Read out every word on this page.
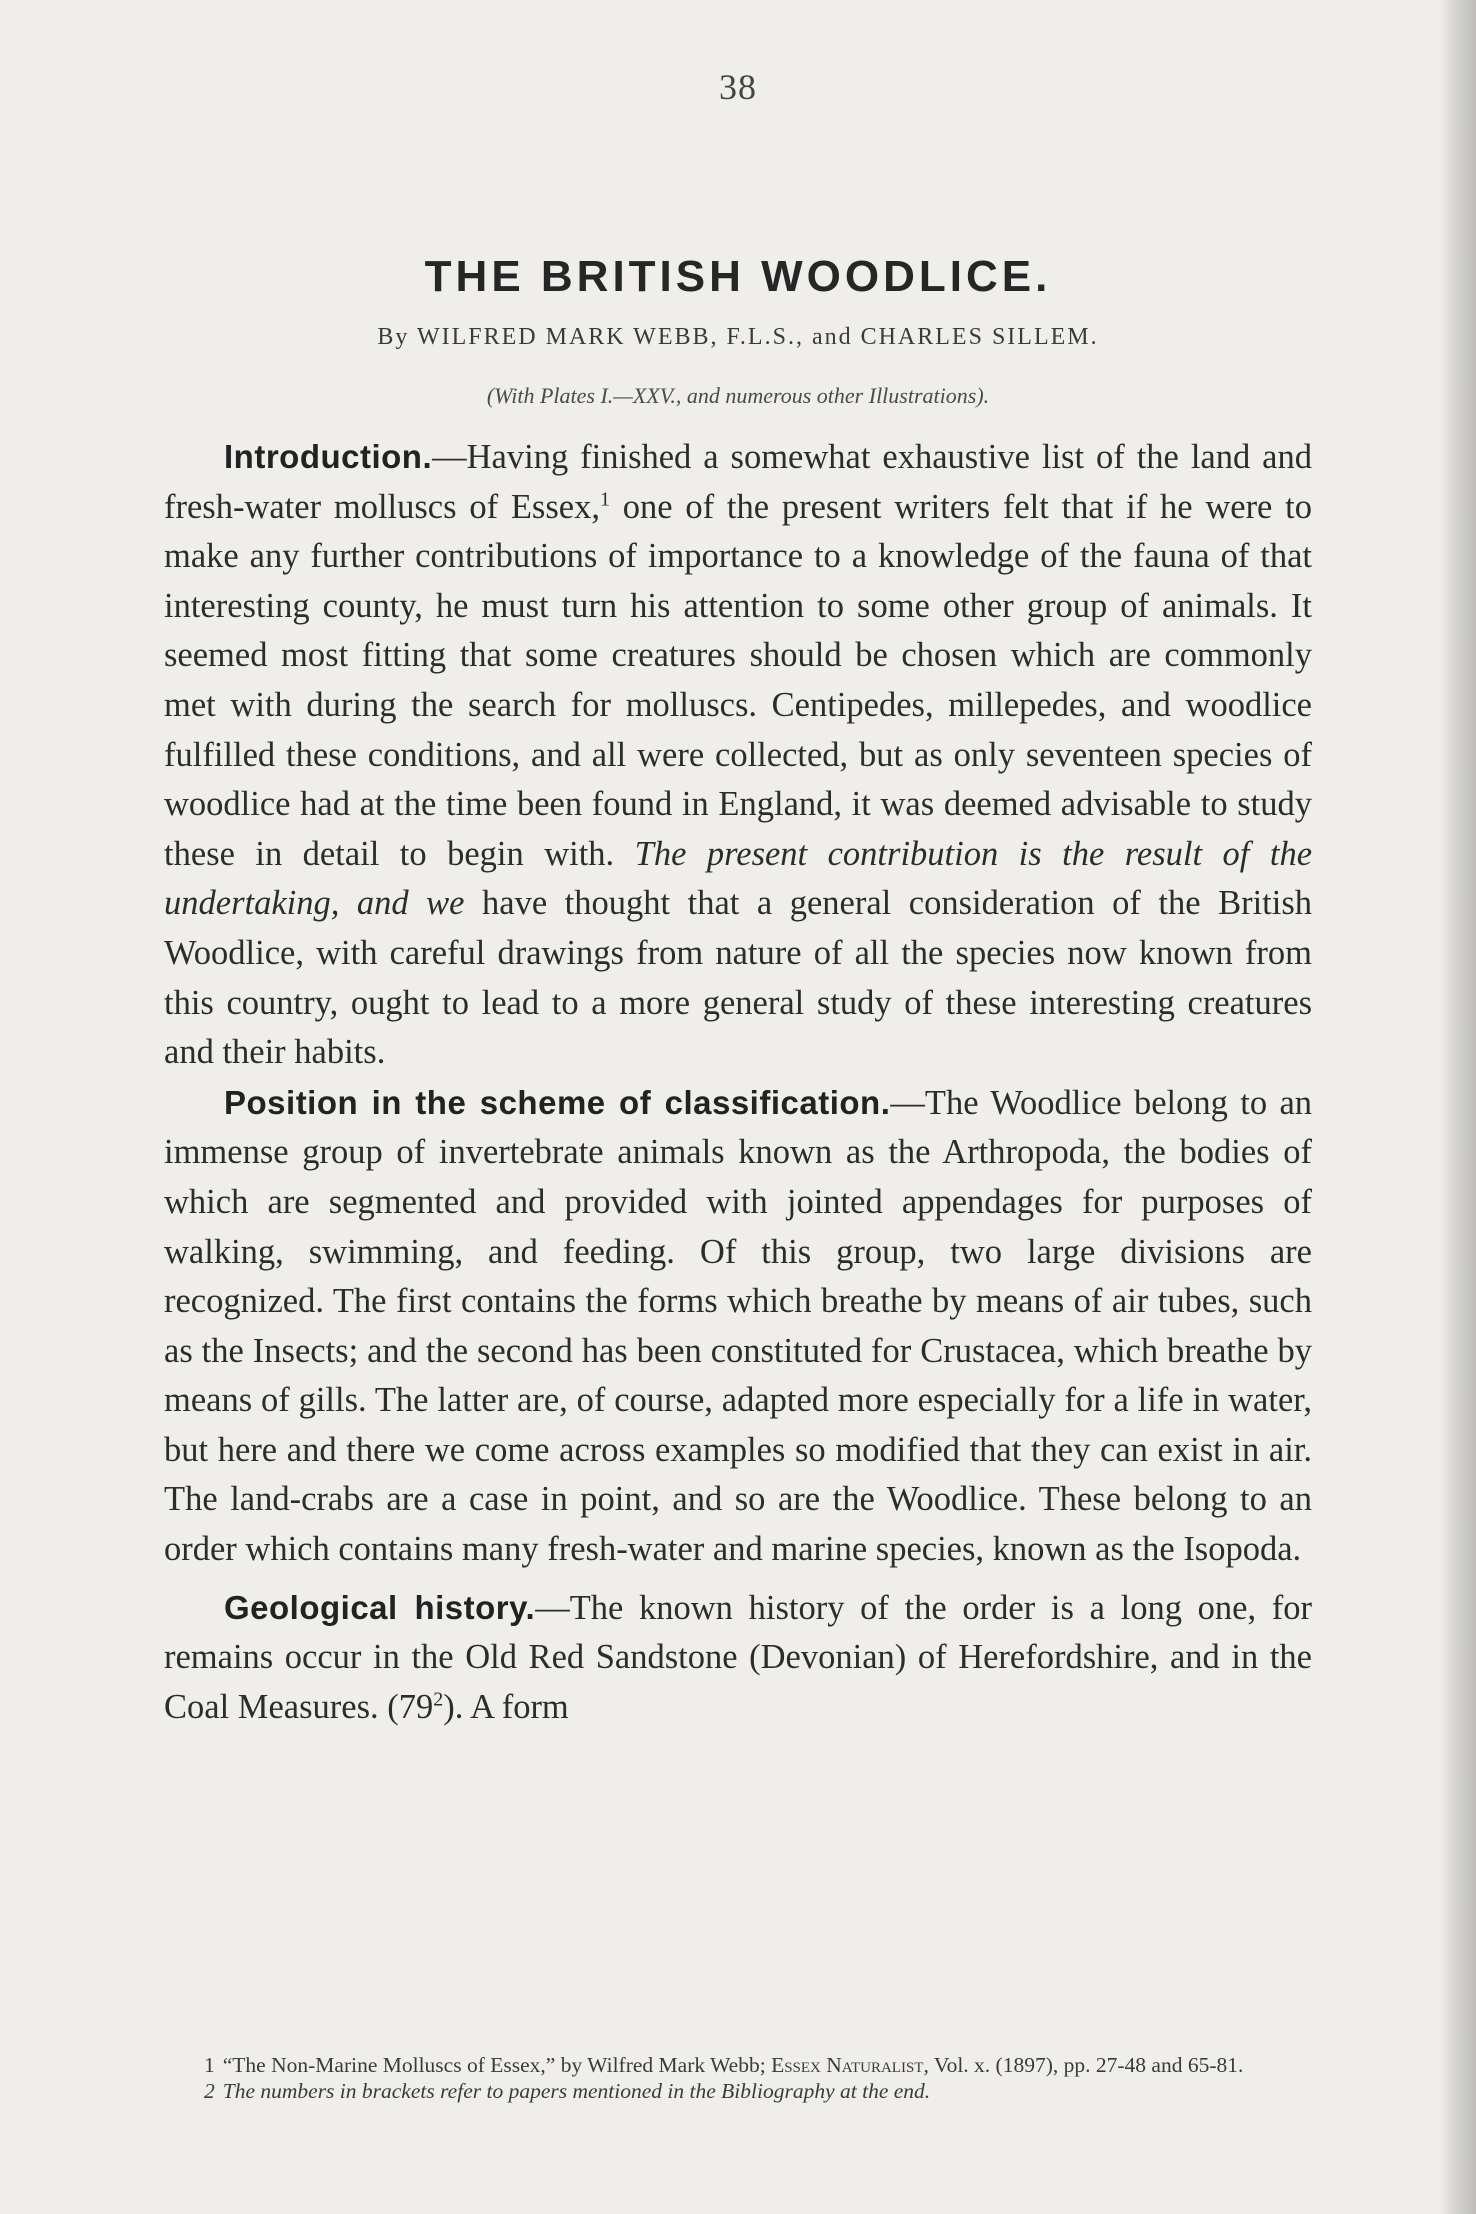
38
THE BRITISH WOODLICE.
By WILFRED MARK WEBB, F.L.S., and CHARLES SILLEM.
(With Plates I.—XXV., and numerous other Illustrations).

Introduction.—Having finished a somewhat exhaustive list of the land and fresh-water molluscs of Essex,$^1$ one of the present writers felt that if he were to make any further contributions of importance to a knowledge of the fauna of that interesting county, he must turn his attention to some other group of animals. It seemed most fitting that some creatures should be chosen which are commonly met with during the search for molluscs. Centipedes, millepedes, and woodlice fulfilled these conditions, and all were collected, but as only seventeen species of woodlice had at the time been found in England, it was deemed advisable to study these in detail to begin with. The present contribution is the result of the undertaking, and we have thought that a general consideration of the British Woodlice, with careful drawings from nature of all the species now known from this country, ought to lead to a more general study of these interesting creatures and their habits.

Position in the scheme of classification.—The Woodlice belong to an immense group of invertebrate animals known as the Arthropoda, the bodies of which are segmented and provided with jointed appendages for purposes of walking, swimming, and feeding. Of this group, two large divisions are recognized. The first contains the forms which breathe by means of air tubes, such as the Insects; and the second has been constituted for Crustacea, which breathe by means of gills. The latter are, of course, adapted more especially for a life in water, but here and there we come across examples so modified that they can exist in air. The land-crabs are a case in point, and so are the Woodlice. These belong to an order which contains many fresh-water and marine species, known as the Isopoda.

Geological history.—The known history of the order is a long one, for remains occur in the Old Red Sandstone (Devonian) of Herefordshire, and in the Coal Measures. $(79^2)$. A form

1 “The Non-Marine Molluscs of Essex,” by Wilfred Mark Webb; Essex Naturalist, Vol. x. (1897), pp. 27-48 and 65-81.

2 The numbers in brackets refer to papers mentioned in the Bibliography at the end.
